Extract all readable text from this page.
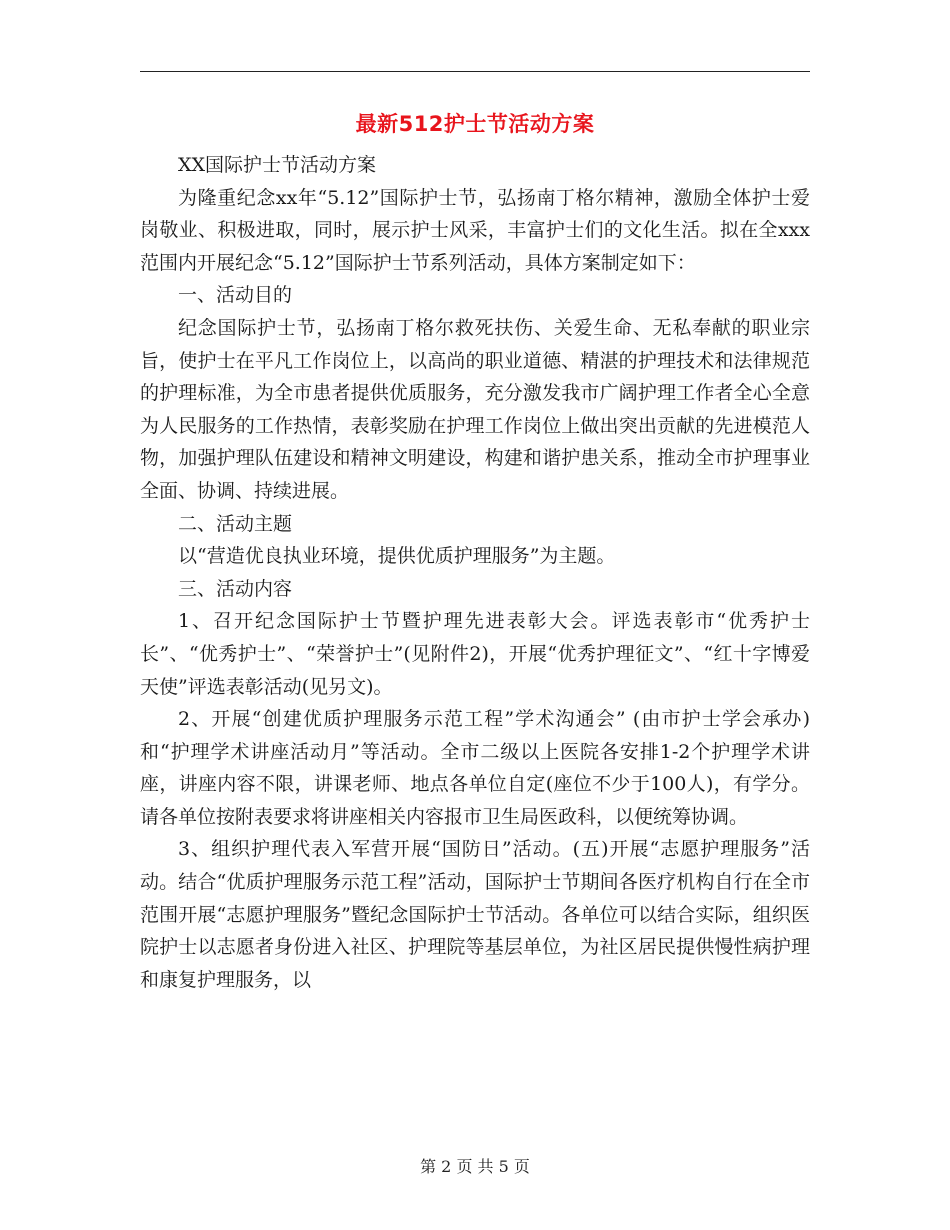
最新512护士节活动方案

XX国际护士节活动方案

为隆重纪念xx年“5.12”国际护士节，弘扬南丁格尔精神，激励全体护士爱岗敬业、积极进取，同时，展示护士风采，丰富护士们的文化生活。拟在全xxx范围内开展纪念“5.12”国际护士节系列活动，具体方案制定如下：

一、活动目的

纪念国际护士节，弘扬南丁格尔救死扶伤、关爱生命、无私奉献的职业宗旨，使护士在平凡工作岗位上，以高尚的职业道德、精湛的护理技术和法律规范的护理标准，为全市患者提供优质服务，充分激发我市广阔护理工作者全心全意为人民服务的工作热情，表彰奖励在护理工作岗位上做出突出贡献的先进模范人物，加强护理队伍建设和精神文明建设，构建和谐护患关系，推动全市护理事业全面、协调、持续进展。

二、活动主题

以“营造优良执业环境，提供优质护理服务”为主题。

三、活动内容

1、召开纪念国际护士节暨护理先进表彰大会。评选表彰市“优秀护士长”、“优秀护士”、“荣誉护士”(见附件2)，开展“优秀护理征文”、“红十字博爱天使”评选表彰活动(见另文)。

2、开展“创建优质护理服务示范工程”学术沟通会” (由市护士学会承办)和“护理学术讲座活动月”等活动。全市二级以上医院各安排1-2个护理学术讲座，讲座内容不限，讲课老师、地点各单位自定(座位不少于100人)，有学分。请各单位按附表要求将讲座相关内容报市卫生局医政科，以便统筹协调。

3、组织护理代表入军营开展“国防日”活动。(五)开展“志愿护理服务”活动。结合“优质护理服务示范工程”活动，国际护士节期间各医疗机构自行在全市范围开展“志愿护理服务”暨纪念国际护士节活动。各单位可以结合实际，组织医院护士以志愿者身份进入社区、护理院等基层单位，为社区居民提供慢性病护理和康复护理服务，以

第 2 页 共 5 页
